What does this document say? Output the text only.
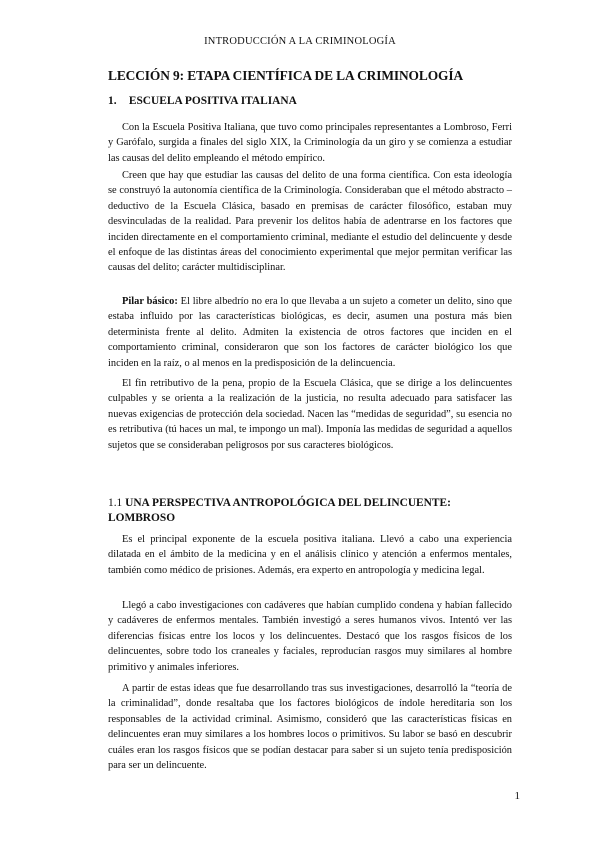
INTRODUCCIÓN A LA CRIMINOLOGÍA
LECCIÓN 9: ETAPA CIENTÍFICA DE LA CRIMINOLOGÍA
1. ESCUELA POSITIVA ITALIANA

Con la Escuela Positiva Italiana, que tuvo como principales representantes a Lombroso, Ferri y Garófalo, surgida a finales del siglo XIX, la Criminología da un giro y se comienza a estudiar las causas del delito empleando el método empírico.

Creen que hay que estudiar las causas del delito de una forma científica. Con esta ideología se construyó la autonomía científica de la Criminología. Consideraban que el método abstracto – deductivo de la Escuela Clásica, basado en premisas de carácter filosófico, estaban muy desvinculadas de la realidad. Para prevenir los delitos había de adentrarse en los factores que inciden directamente en el comportamiento criminal, mediante el estudio del delincuente y desde el enfoque de las distintas áreas del conocimiento experimental que mejor permitan verificar las causas del delito; carácter multidisciplinar.

Pilar básico: El libre albedrío no era lo que llevaba a un sujeto a cometer un delito, sino que estaba influido por las características biológicas, es decir, asumen una postura más bien determinista frente al delito. Admiten la existencia de otros factores que inciden en el comportamiento criminal, consideraron que son los factores de carácter biológico los que inciden en la raíz, o al menos en la predisposición de la delincuencia.

El fin retributivo de la pena, propio de la Escuela Clásica, que se dirige a los delincuentes culpables y se orienta a la realización de la justicia, no resulta adecuado para satisfacer las nuevas exigencias de protección dela sociedad. Nacen las “medidas de seguridad”, su esencia no es retributiva (tú haces un mal, te impongo un mal). Imponía las medidas de seguridad a aquellos sujetos que se consideraban peligrosos por sus caracteres biológicos.

1.1 UNA PERSPECTIVA ANTROPOLÓGICA DEL DELINCUENTE: LOMBROSO

Es el principal exponente de la escuela positiva italiana. Llevó a cabo una experiencia dilatada en el ámbito de la medicina y en el análisis clínico y atención a enfermos mentales, también como médico de prisiones. Además, era experto en antropología y medicina legal.

Llegó a cabo investigaciones con cadáveres que habían cumplido condena y habían fallecido y cadáveres de enfermos mentales. También investigó a seres humanos vivos. Intentó ver las diferencias físicas entre los locos y los delincuentes. Destacó que los rasgos físicos de los delincuentes, sobre todo los craneales y faciales, reproducían rasgos muy similares al hombre primitivo y animales inferiores.

A partir de estas ideas que fue desarrollando tras sus investigaciones, desarrolló la “teoría de la criminalidad”, donde resaltaba que los factores biológicos de índole hereditaria son los responsables de la actividad criminal. Asimismo, consideró que las características físicas en delincuentes eran muy similares a los hombres locos o primitivos. Su labor se basó en descubrir cuáles eran los rasgos físicos que se podían destacar para saber si un sujeto tenía predisposición para ser un delincuente.

1
